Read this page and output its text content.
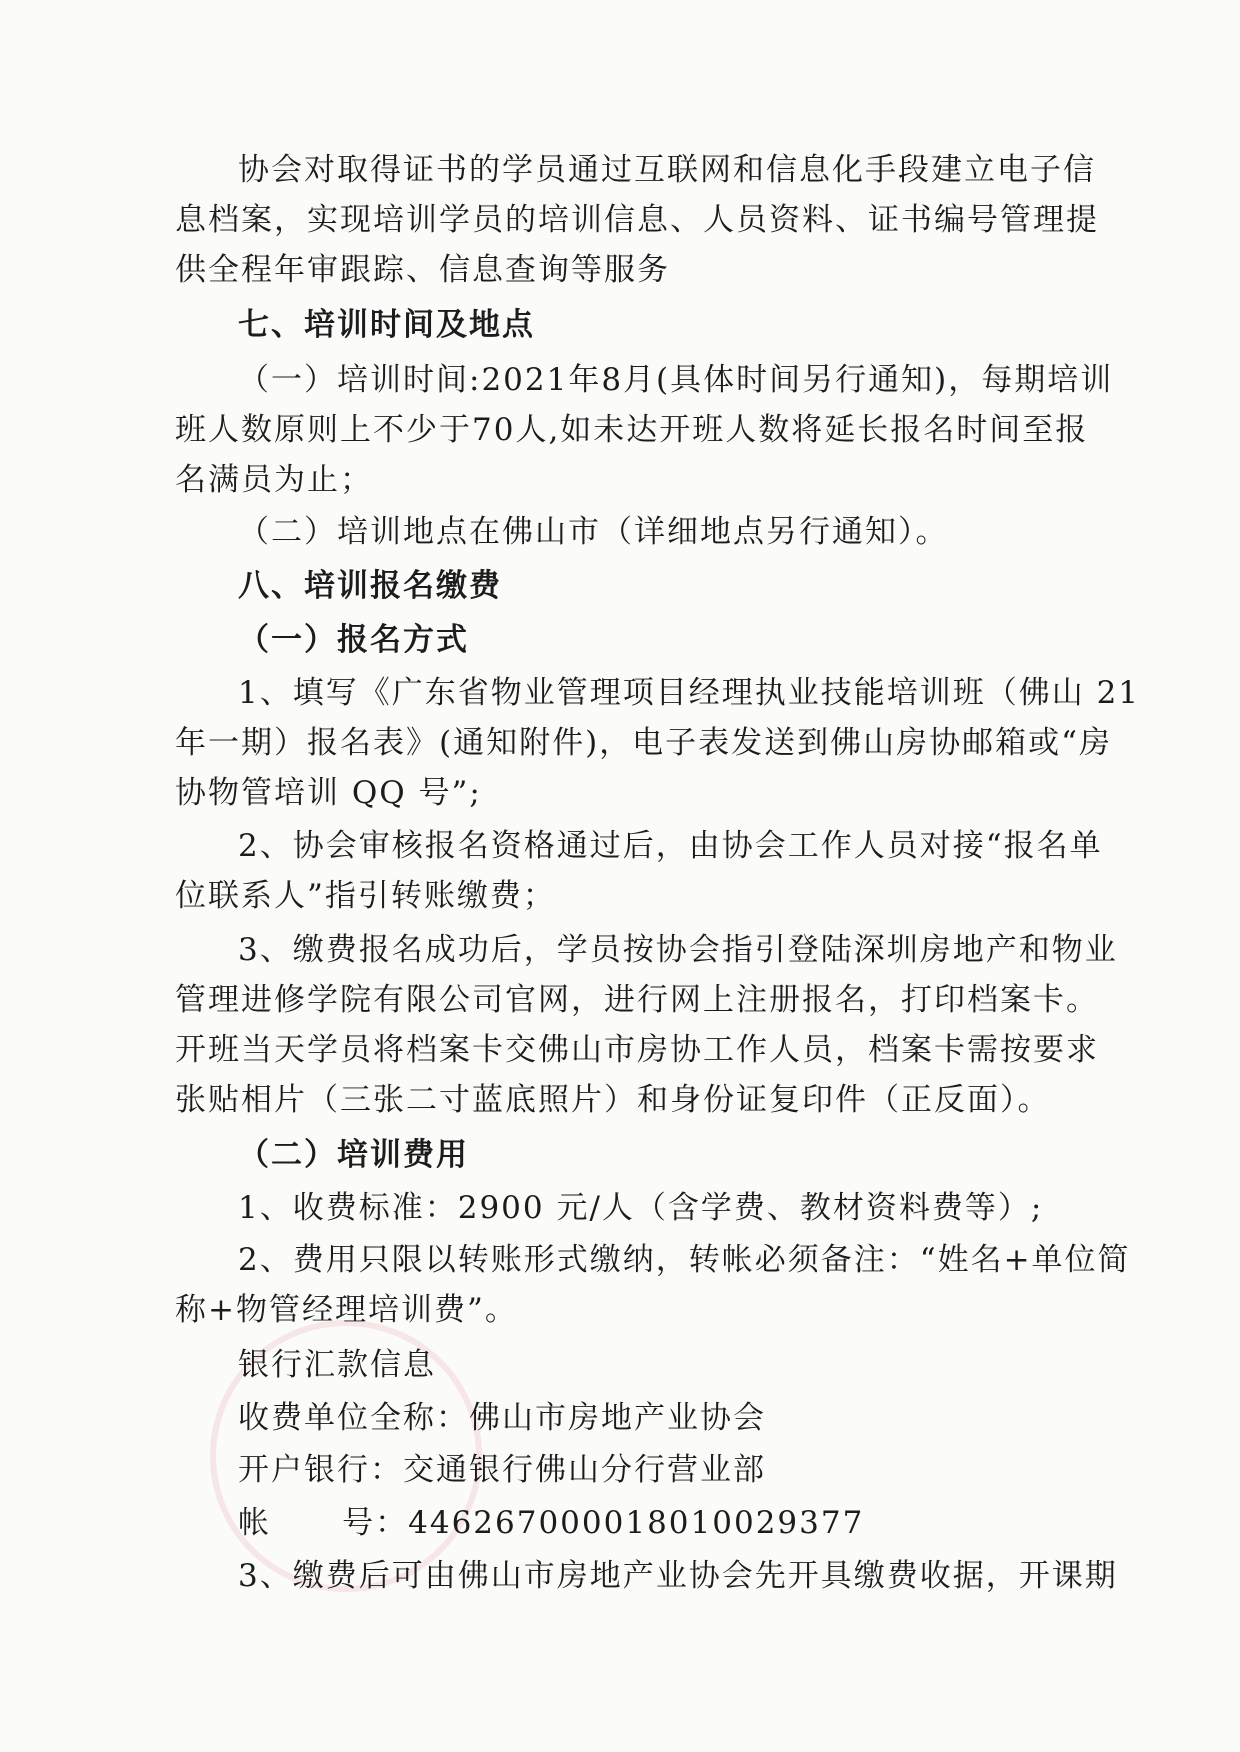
协会对取得证书的学员通过互联网和信息化手段建立电子信
息档案，实现培训学员的培训信息、人员资料、证书编号管理提
供全程年审跟踪、信息查询等服务
七、培训时间及地点
（一）培训时间:2021年8月(具体时间另行通知)，每期培训
班人数原则上不少于70人,如未达开班人数将延长报名时间至报
名满员为止；
（二）培训地点在佛山市（详细地点另行通知）。
八、培训报名缴费
（一）报名方式
1、填写《广东省物业管理项目经理执业技能培训班（佛山 21
年一期）报名表》(通知附件)，电子表发送到佛山房协邮箱或“房
协物管培训 QQ 号”;
2、协会审核报名资格通过后，由协会工作人员对接“报名单
位联系人”指引转账缴费；
3、缴费报名成功后，学员按协会指引登陆深圳房地产和物业
管理进修学院有限公司官网，进行网上注册报名，打印档案卡。
开班当天学员将档案卡交佛山市房协工作人员，档案卡需按要求
张贴相片（三张二寸蓝底照片）和身份证复印件（正反面）。
（二）培训费用
1、收费标准：2900 元/人（含学费、教材资料费等）;
2、费用只限以转账形式缴纳，转帐必须备注：“姓名+单位简
称+物管经理培训费”。
银行汇款信息
收费单位全称：佛山市房地产业协会
开户银行：交通银行佛山分行营业部
帐      号：446267000018010029377
3、缴费后可由佛山市房地产业协会先开具缴费收据，开课期
